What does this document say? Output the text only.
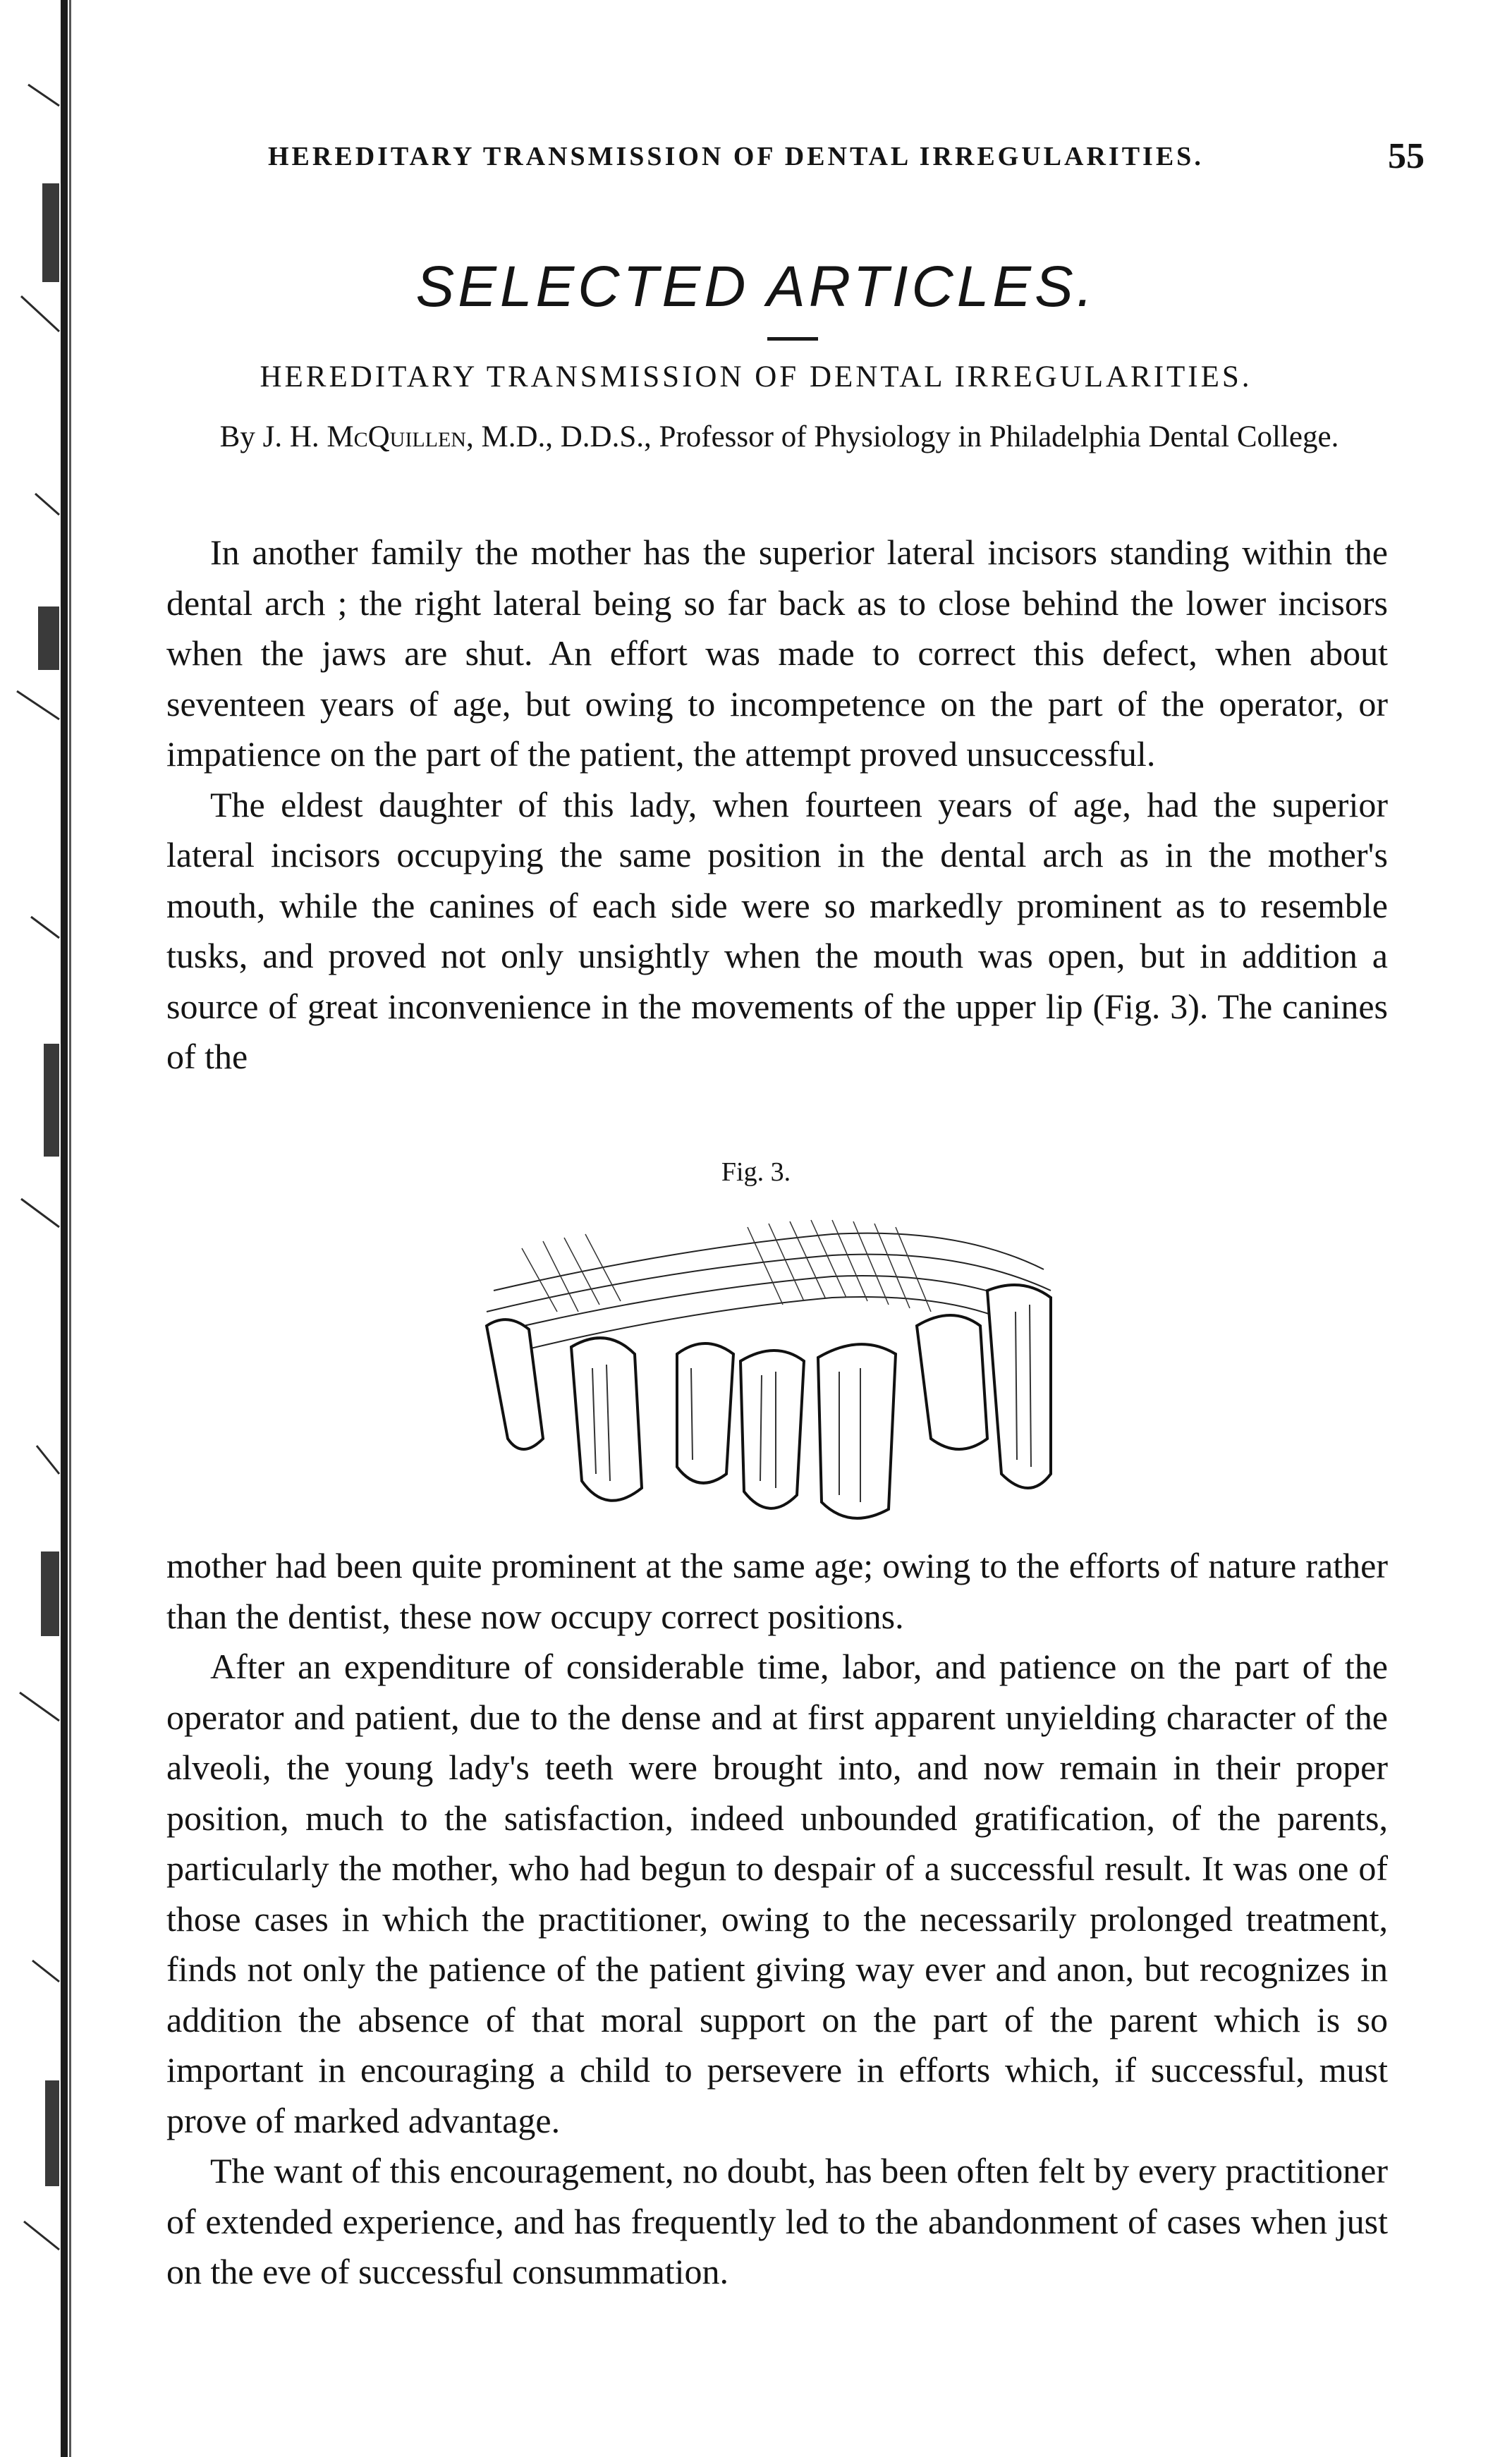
HEREDITARY TRANSMISSION OF DENTAL IRREGULARITIES.	55
SELECTED ARTICLES.
HEREDITARY TRANSMISSION OF DENTAL IRREGULARITIES.
By J. H. McQuillen, M.D., D.D.S., Professor of Physiology in Philadelphia Dental College.

In another family the mother has the superior lateral incisors standing within the dental arch ; the right lateral being so far back as to close behind the lower incisors when the jaws are shut. An effort was made to correct this defect, when about seventeen years of age, but owing to incompetence on the part of the operator, or impatience on the part of the patient, the attempt proved unsuccessful.

The eldest daughter of this lady, when fourteen years of age, had the superior lateral incisors occupying the same position in the dental arch as in the mother's mouth, while the canines of each side were so markedly prominent as to resemble tusks, and proved not only unsightly when the mouth was open, but in addition a source of great inconvenience in the movements of the upper lip (Fig. 3). The canines of the

Fig. 3.

mother had been quite prominent at the same age; owing to the efforts of nature rather than the dentist, these now occupy correct positions.

After an expenditure of considerable time, labor, and patience on the part of the operator and patient, due to the dense and at first apparent unyielding character of the alveoli, the young lady's teeth were brought into, and now remain in their proper position, much to the satisfaction, indeed unbounded gratification, of the parents, particularly the mother, who had begun to despair of a successful result. It was one of those cases in which the practitioner, owing to the necessarily prolonged treatment, finds not only the patience of the patient giving way ever and anon, but recognizes in addition the absence of that moral support on the part of the parent which is so important in encouraging a child to persevere in efforts which, if successful, must prove of marked advantage.

The want of this encouragement, no doubt, has been often felt by every practitioner of extended experience, and has frequently led to the abandonment of cases when just on the eve of successful consummation.
